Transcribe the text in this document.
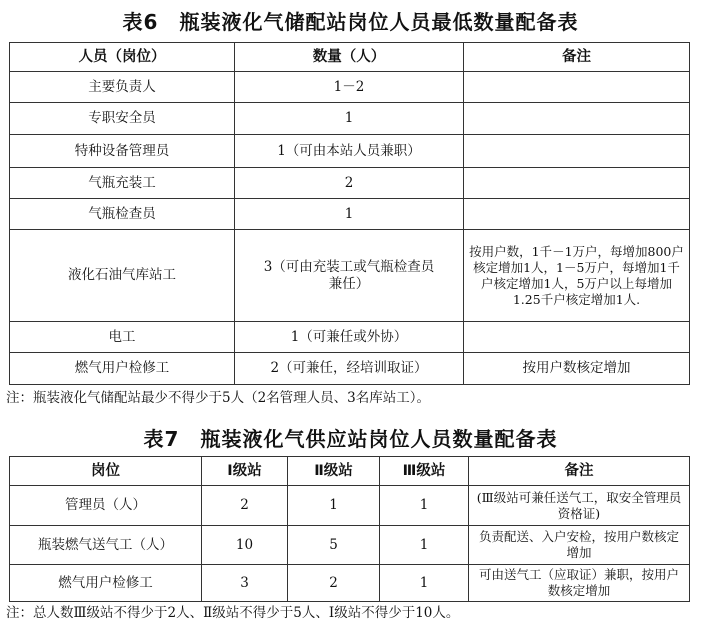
表6　瓶装液化气储配站岗位人员最低数量配备表
人员（岗位）	数量（人）	备注
主要负责人	1－2	
专职安全员	1	
特种设备管理员	1（可由本站人员兼职）	
气瓶充装工	2	
气瓶检查员	1	
液化石油气库站工	3（可由充装工或气瓶检查员兼任）	按用户数，1千－1万户，每增加800户核定增加1人，1－5万户，每增加1千户核定增加1人，5万户以上每增加1.25千户核定增加1人.
电工	1（可兼任或外协）	
燃气用户检修工	2（可兼任，经培训取证）	按用户数核定增加
注：瓶装液化气储配站最少不得少于5人（2名管理人员、3名库站工）。
表7　瓶装液化气供应站岗位人员数量配备表
岗位	Ⅰ级站	Ⅱ级站	Ⅲ级站	备注
管理员（人）	2	1	1	(Ⅲ级站可兼任送气工，取安全管理员资格证)
瓶装燃气送气工（人）	10	5	1	负责配送、入户安检，按用户数核定增加
燃气用户检修工	3	2	1	可由送气工（应取证）兼职，按用户数核定增加
注：总人数Ⅲ级站不得少于2人、Ⅱ级站不得少于5人、Ⅰ级站不得少于10人。
